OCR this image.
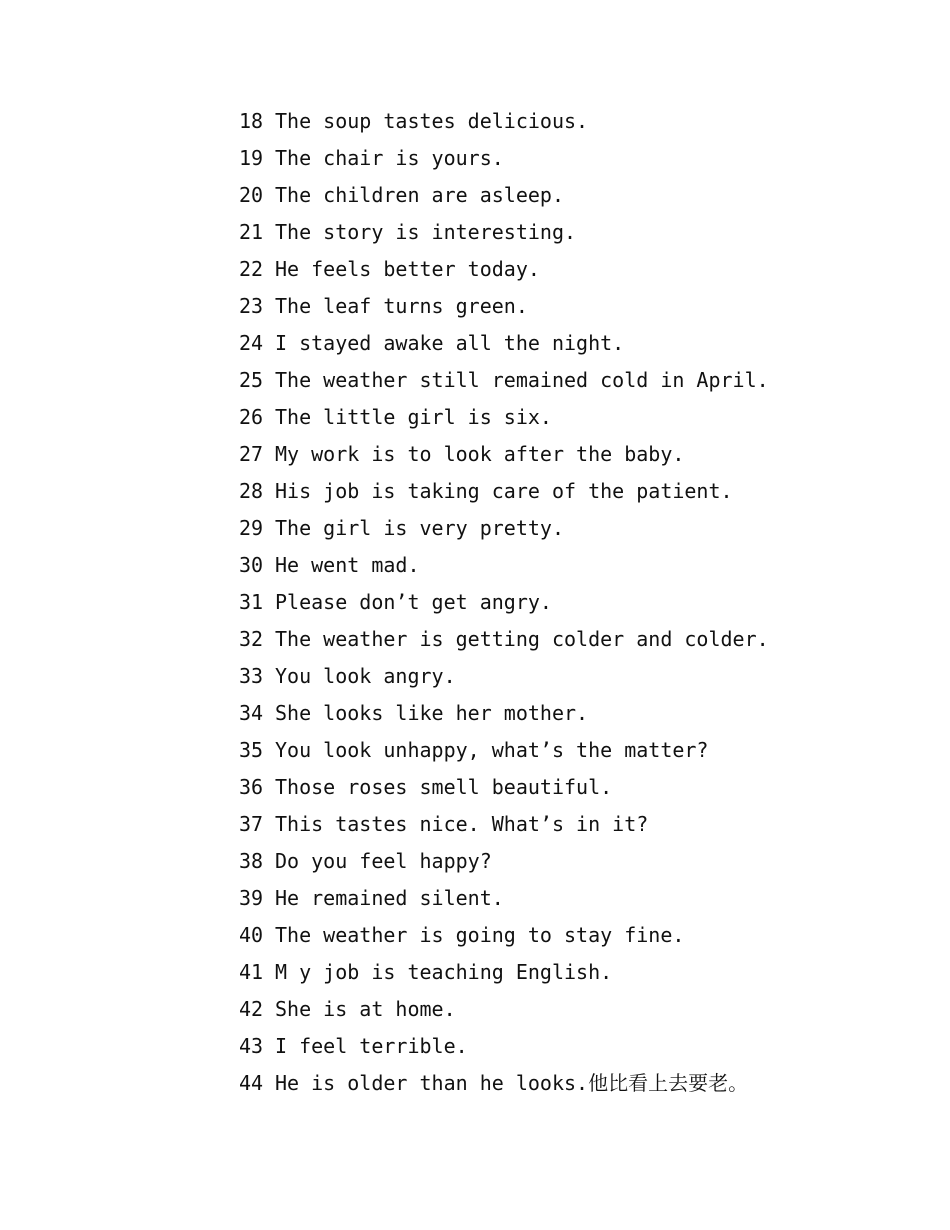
18 The soup tastes delicious.
19 The chair is yours.
20 The children are asleep.
21 The story is interesting.
22 He feels better today.
23 The leaf turns green.
24 I stayed awake all the night.
25 The weather still remained cold in April.
26 The little girl is six.
27 My work is to look after the baby.
28 His job is taking care of the patient.
29 The girl is very pretty.
30 He went mad.
31 Please don’t get angry.
32 The weather is getting colder and colder.
33 You look angry.
34 She looks like her mother.
35 You look unhappy, what’s the matter?
36 Those roses smell beautiful.
37 This tastes nice. What’s in it?
38 Do you feel happy?
39 He remained silent.
40 The weather is going to stay fine.
41 M y job is teaching English.
42 She is at home.
43 I feel terrible.
44 He is older than he looks.他比看上去要老。
